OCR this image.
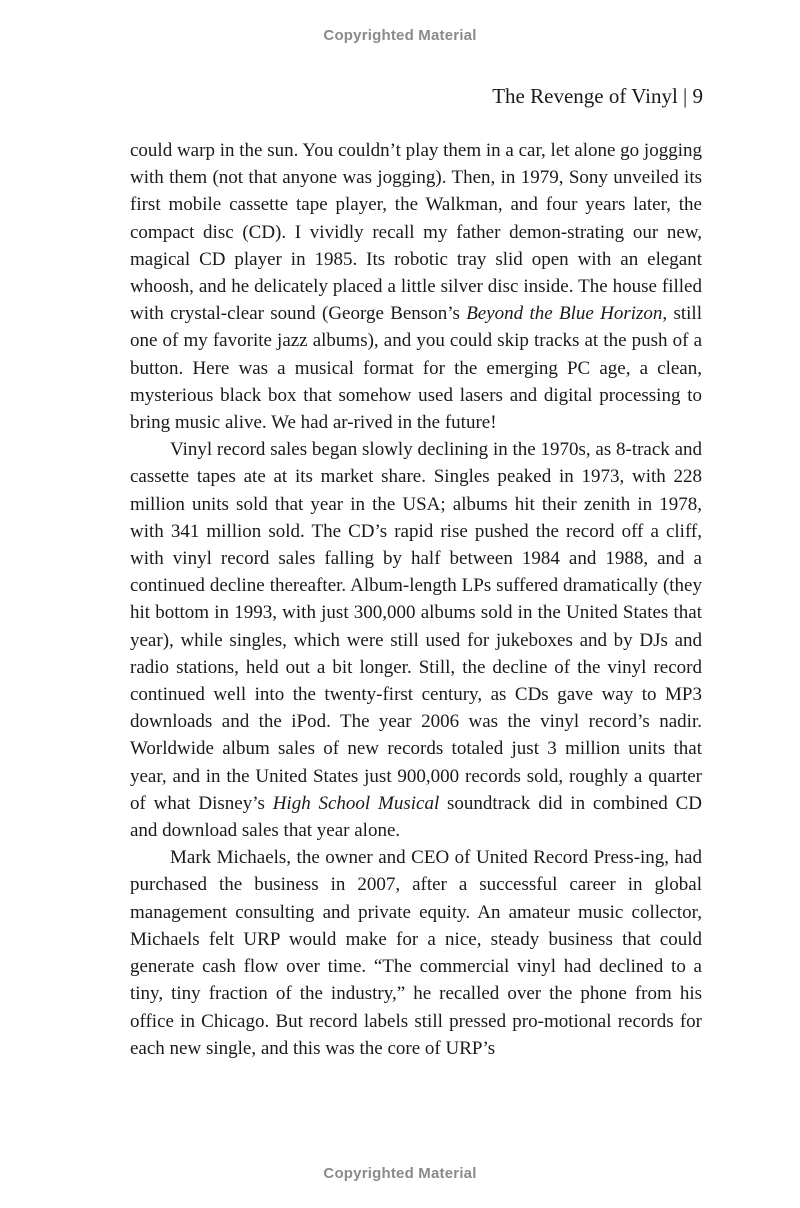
Copyrighted Material
The Revenge of Vinyl | 9

could warp in the sun. You couldn’t play them in a car, let alone go jogging with them (not that anyone was jogging). Then, in 1979, Sony unveiled its first mobile cassette tape player, the Walkman, and four years later, the compact disc (CD). I vividly recall my father demon-strating our new, magical CD player in 1985. Its robotic tray slid open with an elegant whoosh, and he delicately placed a little silver disc inside. The house filled with crystal-clear sound (George Benson’s Beyond the Blue Horizon, still one of my favorite jazz albums), and you could skip tracks at the push of a button. Here was a musical format for the emerging PC age, a clean, mysterious black box that somehow used lasers and digital processing to bring music alive. We had ar-rived in the future!

Vinyl record sales began slowly declining in the 1970s, as 8-track and cassette tapes ate at its market share. Singles peaked in 1973, with 228 million units sold that year in the USA; albums hit their zenith in 1978, with 341 million sold. The CD’s rapid rise pushed the record off a cliff, with vinyl record sales falling by half between 1984 and 1988, and a continued decline thereafter. Album-length LPs suffered dramatically (they hit bottom in 1993, with just 300,000 albums sold in the United States that year), while singles, which were still used for jukeboxes and by DJs and radio stations, held out a bit longer. Still, the decline of the vinyl record continued well into the twenty-first century, as CDs gave way to MP3 downloads and the iPod. The year 2006 was the vinyl record’s nadir. Worldwide album sales of new records totaled just 3 million units that year, and in the United States just 900,000 records sold, roughly a quarter of what Disney’s High School Musical soundtrack did in combined CD and download sales that year alone.

Mark Michaels, the owner and CEO of United Record Press-ing, had purchased the business in 2007, after a successful career in global management consulting and private equity. An amateur music collector, Michaels felt URP would make for a nice, steady business that could generate cash flow over time. “The commercial vinyl had declined to a tiny, tiny fraction of the industry,” he recalled over the phone from his office in Chicago. But record labels still pressed pro-motional records for each new single, and this was the core of URP’s

Copyrighted Material
